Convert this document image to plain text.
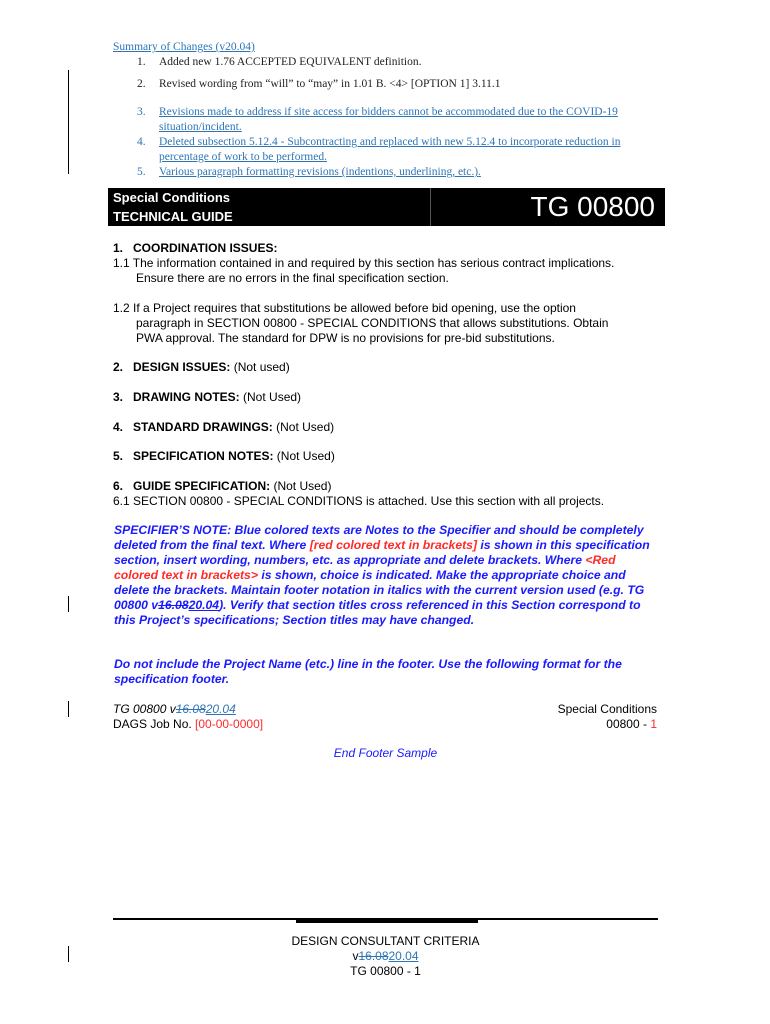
Summary of Changes (v20.04)
1. Added new 1.76 ACCEPTED EQUIVALENT definition.
2. Revised wording from “will” to “may” in 1.01 B. <4> [OPTION 1] 3.11.1
3. Revisions made to address if site access for bidders cannot be accommodated due to the COVID-19 situation/incident.
4. Deleted subsection 5.12.4 - Subcontracting and replaced with new 5.12.4 to incorporate reduction in percentage of work to be performed.
5. Various paragraph formatting revisions (indentions, underlining, etc.).
Special Conditions
TECHNICAL GUIDE	TG 00800
1.   COORDINATION ISSUES:
1.1 The information contained in and required by this section has serious contract implications.
Ensure there are no errors in the final specification section.
1.2 If a Project requires that substitutions be allowed before bid opening, use the option
paragraph in SECTION 00800 - SPECIAL CONDITIONS that allows substitutions. Obtain
PWA approval. The standard for DPW is no provisions for pre-bid substitutions.
2.   DESIGN ISSUES: (Not used)
3.   DRAWING NOTES: (Not Used)
4.   STANDARD DRAWINGS: (Not Used)
5.   SPECIFICATION NOTES: (Not Used)
6.   GUIDE SPECIFICATION: (Not Used)
6.1 SECTION 00800 - SPECIAL CONDITIONS is attached. Use this section with all projects.
SPECIFIER’S NOTE: Blue colored texts are Notes to the Specifier and should be completely deleted from the final text. Where [red colored text in brackets] is shown in this specification section, insert wording, numbers, etc. as appropriate and delete brackets. Where <Red colored text in brackets> is shown, choice is indicated. Make the appropriate choice and delete the brackets. Maintain footer notation in italics with the current version used (e.g. TG 00800 v16.0820.04). Verify that section titles cross referenced in this Section correspond to this Project’s specifications; Section titles may have changed.
Do not include the Project Name (etc.) line in the footer. Use the following format for the specification footer.
TG 00800 v16.0820.04
DAGS Job No. [00-00-0000]
Special Conditions
00800 - 1
End Footer Sample
DESIGN CONSULTANT CRITERIA
v16.0820.04
TG 00800 - 1
